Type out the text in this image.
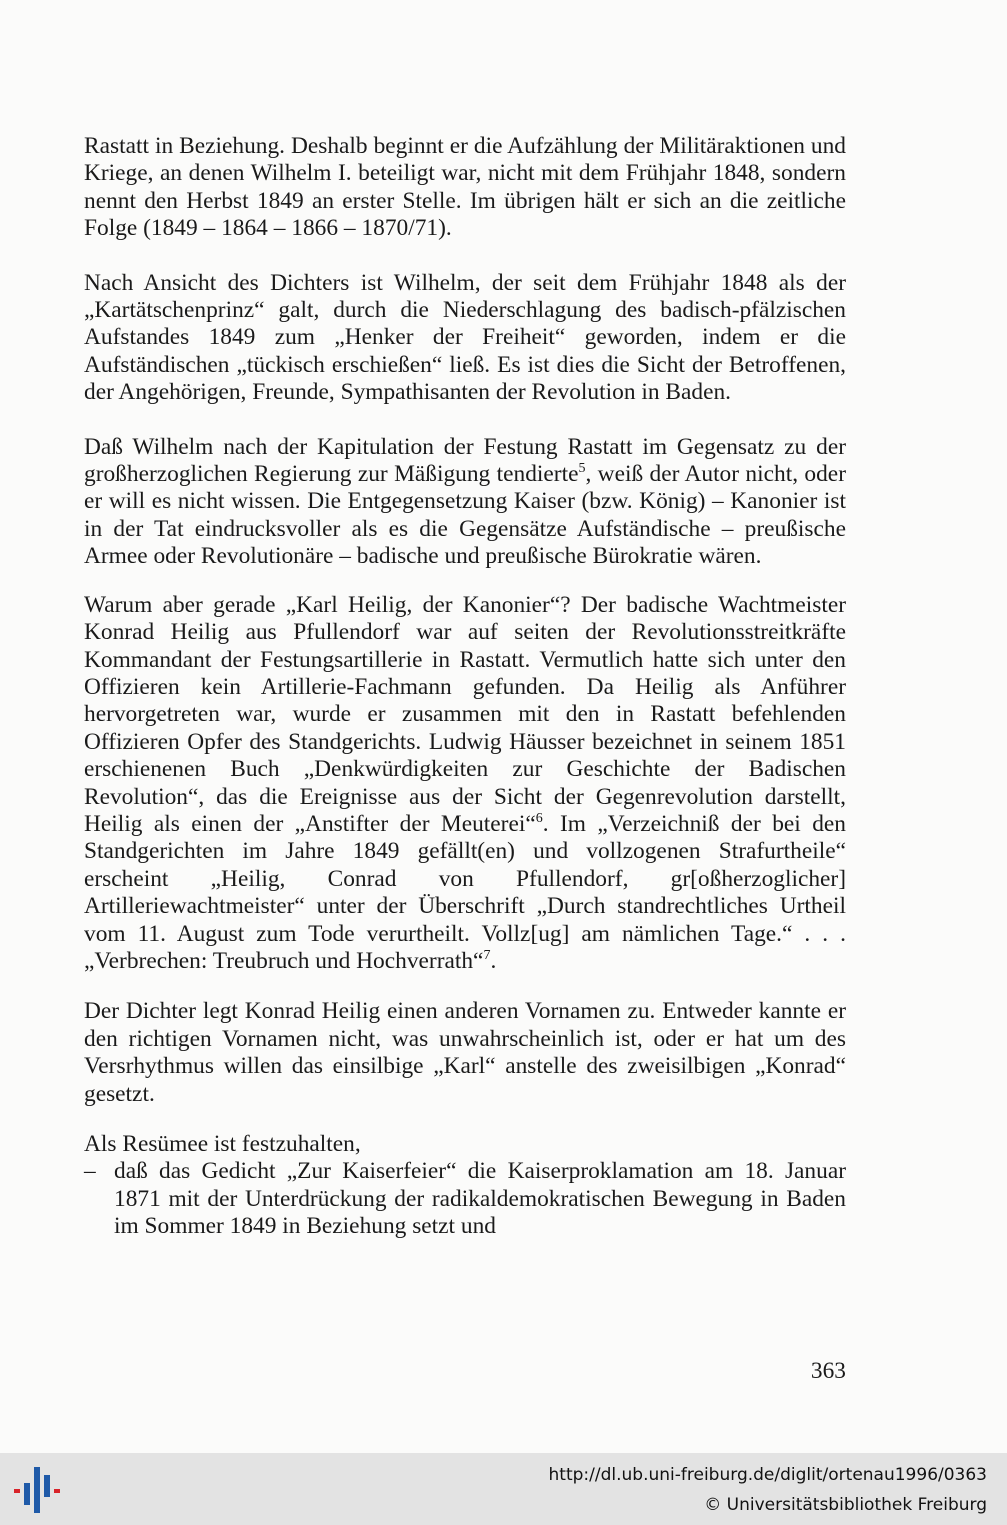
Rastatt in Beziehung. Deshalb beginnt er die Aufzählung der Militäraktionen und Kriege, an denen Wilhelm I. beteiligt war, nicht mit dem Frühjahr 1848, sondern nennt den Herbst 1849 an erster Stelle. Im übrigen hält er sich an die zeitliche Folge (1849 – 1864 – 1866 – 1870/71).

Nach Ansicht des Dichters ist Wilhelm, der seit dem Frühjahr 1848 als der „Kartätschenprinz“ galt, durch die Niederschlagung des badisch-pfälzischen Aufstandes 1849 zum „Henker der Freiheit“ geworden, indem er die Aufständischen „tückisch erschießen“ ließ. Es ist dies die Sicht der Betroffenen, der Angehörigen, Freunde, Sympathisanten der Revolution in Baden.

Daß Wilhelm nach der Kapitulation der Festung Rastatt im Gegensatz zu der großherzoglichen Regierung zur Mäßigung tendierte$^5$, weiß der Autor nicht, oder er will es nicht wissen. Die Entgegensetzung Kaiser (bzw. König) – Kanonier ist in der Tat eindrucksvoller als es die Gegensätze Aufständische – preußische Armee oder Revolutionäre – badische und preußische Bürokratie wären.

Warum aber gerade „Karl Heilig, der Kanonier“? Der badische Wachtmeister Konrad Heilig aus Pfullendorf war auf seiten der Revolutionsstreitkräfte Kommandant der Festungsartillerie in Rastatt. Vermutlich hatte sich unter den Offizieren kein Artillerie-Fachmann gefunden. Da Heilig als Anführer hervorgetreten war, wurde er zusammen mit den in Rastatt befehlenden Offizieren Opfer des Standgerichts. Ludwig Häusser bezeichnet in seinem 1851 erschienenen Buch „Denkwürdigkeiten zur Geschichte der Badischen Revolution“, das die Ereignisse aus der Sicht der Gegenrevolution darstellt, Heilig als einen der „Anstifter der Meuterei“$^6$. Im „Verzeichniß der bei den Standgerichten im Jahre 1849 gefällt(en) und vollzogenen Strafurtheile“ erscheint „Heilig, Conrad von Pfullendorf, gr[oßherzoglicher] Artilleriewachtmeister“ unter der Überschrift „Durch standrechtliches Urtheil vom 11. August zum Tode verurtheilt. Vollz[ug] am nämlichen Tage.“ . . . „Verbrechen: Treubruch und Hochverrath“$^7$.

Der Dichter legt Konrad Heilig einen anderen Vornamen zu. Entweder kannte er den richtigen Vornamen nicht, was unwahrscheinlich ist, oder er hat um des Versrhythmus willen das einsilbige „Karl“ anstelle des zweisilbigen „Konrad“ gesetzt.

Als Resümee ist festzuhalten,

– daß das Gedicht „Zur Kaiserfeier“ die Kaiserproklamation am 18. Januar 1871 mit der Unterdrückung der radikaldemokratischen Bewegung in Baden im Sommer 1849 in Beziehung setzt und
363
http://dl.ub.uni-freiburg.de/diglit/ortenau1996/0363
© Universitätsbibliothek Freiburg
